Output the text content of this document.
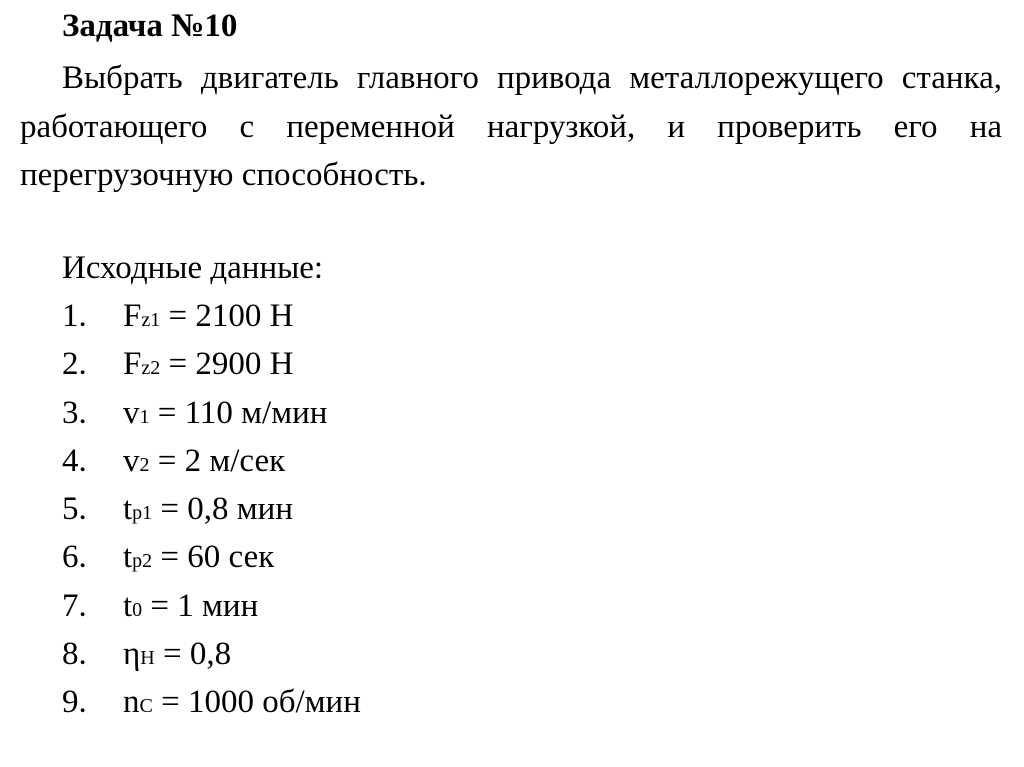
Задача №10
Выбрать двигатель главного привода металлорежущего станка, работающего с переменной нагрузкой, и проверить его на перегрузочную способность.
Исходные данные:
1. Fz1 = 2100 Н
2. Fz2 = 2900 Н
3. v1 = 110 м/мин
4. v2 = 2 м/сек
5. tp1 = 0,8 мин
6. tp2 = 60 сек
7. t0 = 1 мин
8. ηН = 0,8
9. nС = 1000 об/мин
